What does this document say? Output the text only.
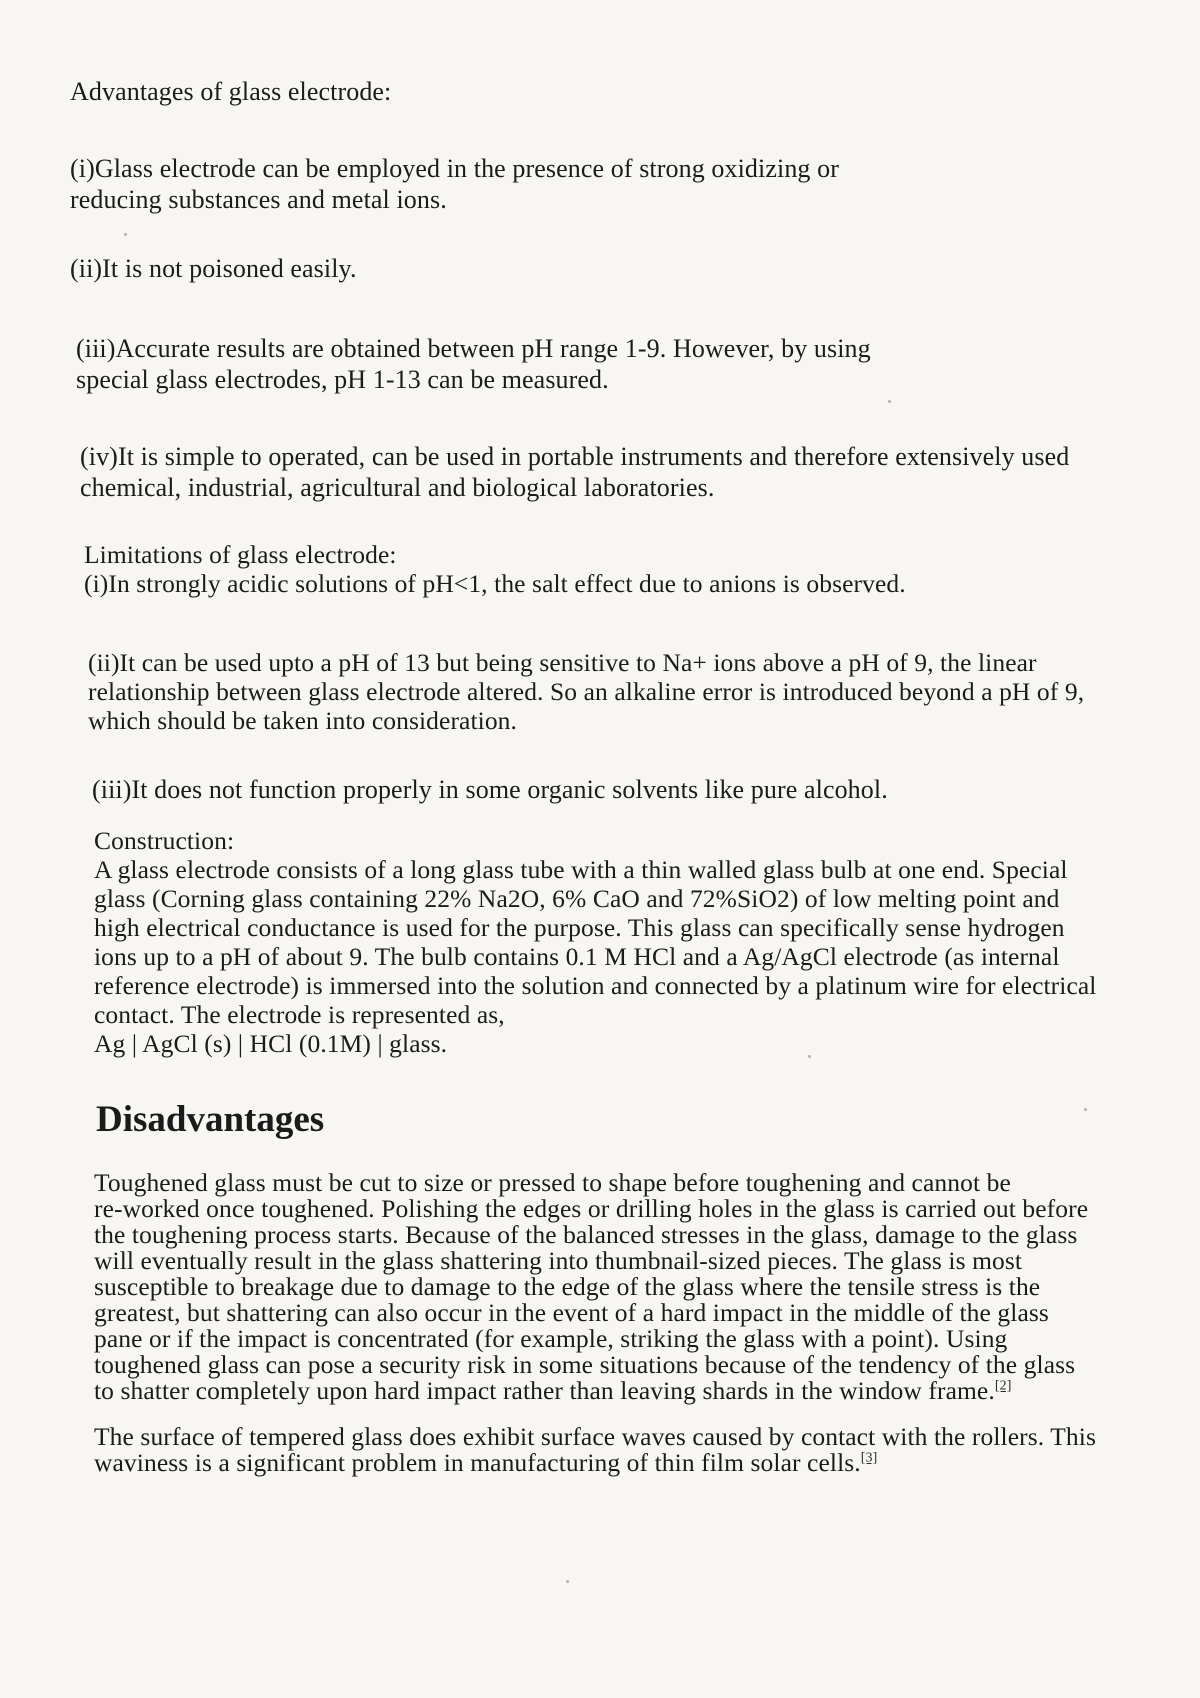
Advantages of glass electrode:
(i)Glass electrode can be employed in the presence of strong oxidizing or
reducing substances and metal ions.
(ii)It is not poisoned easily.
(iii)Accurate results are obtained between pH range 1-9. However, by using
special glass electrodes, pH 1-13 can be measured.
(iv)It is simple to operated, can be used in portable instruments and therefore extensively used
chemical, industrial, agricultural and biological laboratories.
Limitations of glass electrode:
(i)In strongly acidic solutions of pH<1, the salt effect due to anions is observed.
(ii)It can be used upto a pH of 13 but being sensitive to Na+ ions above a pH of 9, the linear
relationship between glass electrode altered. So an alkaline error is introduced beyond a pH of 9,
which should be taken into consideration.
(iii)It does not function properly in some organic solvents like pure alcohol.
Construction:
A glass electrode consists of a long glass tube with a thin walled glass bulb at one end. Special
glass (Corning glass containing 22% Na2O, 6% CaO and 72%SiO2) of low melting point and
high electrical conductance is used for the purpose. This glass can specifically sense hydrogen
ions up to a pH of about 9. The bulb contains 0.1 M HCl and a Ag/AgCl electrode (as internal
reference electrode) is immersed into the solution and connected by a platinum wire for electrical
contact. The electrode is represented as,
Ag | AgCl (s) | HCl (0.1M) | glass.
Disadvantages
Toughened glass must be cut to size or pressed to shape before toughening and cannot be
re-worked once toughened. Polishing the edges or drilling holes in the glass is carried out before
the toughening process starts. Because of the balanced stresses in the glass, damage to the glass
will eventually result in the glass shattering into thumbnail-sized pieces. The glass is most
susceptible to breakage due to damage to the edge of the glass where the tensile stress is the
greatest, but shattering can also occur in the event of a hard impact in the middle of the glass
pane or if the impact is concentrated (for example, striking the glass with a point). Using
toughened glass can pose a security risk in some situations because of the tendency of the glass
to shatter completely upon hard impact rather than leaving shards in the window frame.[2]
The surface of tempered glass does exhibit surface waves caused by contact with the rollers. This
waviness is a significant problem in manufacturing of thin film solar cells.[3]
